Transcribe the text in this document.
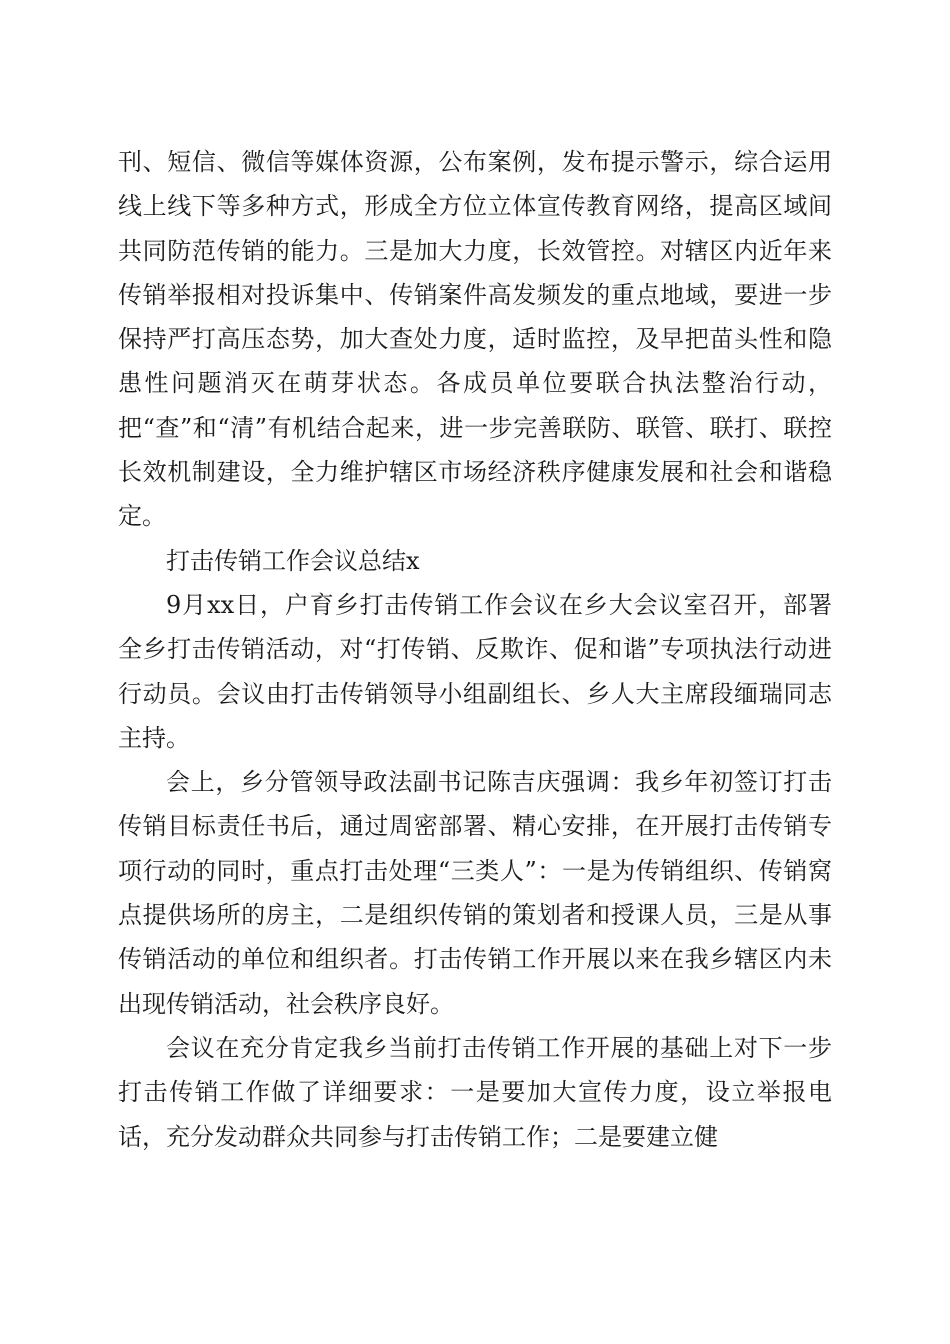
刊、短信、微信等媒体资源，公布案例，发布提示警示，综合运用线上线下等多种方式，形成全方位立体宣传教育网络，提高区域间共同防范传销的能力。三是加大力度，长效管控。对辖区内近年来传销举报相对投诉集中、传销案件高发频发的重点地域，要进一步保持严打高压态势，加大查处力度，适时监控，及早把苗头性和隐患性问题消灭在萌芽状态。各成员单位要联合执法整治行动，把“查”和“清”有机结合起来，进一步完善联防、联管、联打、联控长效机制建设，全力维护辖区市场经济秩序健康发展和社会和谐稳定。

打击传销工作会议总结x

9月xx日，户育乡打击传销工作会议在乡大会议室召开，部署全乡打击传销活动，对“打传销、反欺诈、促和谐”专项执法行动进行动员。会议由打击传销领导小组副组长、乡人大主席段缅瑞同志主持。

会上，乡分管领导政法副书记陈吉庆强调：我乡年初签订打击传销目标责任书后，通过周密部署、精心安排，在开展打击传销专项行动的同时，重点打击处理“三类人”：一是为传销组织、传销窝点提供场所的房主，二是组织传销的策划者和授课人员，三是从事传销活动的单位和组织者。打击传销工作开展以来在我乡辖区内未出现传销活动，社会秩序良好。

会议在充分肯定我乡当前打击传销工作开展的基础上对下一步打击传销工作做了详细要求：一是要加大宣传力度，设立举报电话，充分发动群众共同参与打击传销工作；二是要建立健
